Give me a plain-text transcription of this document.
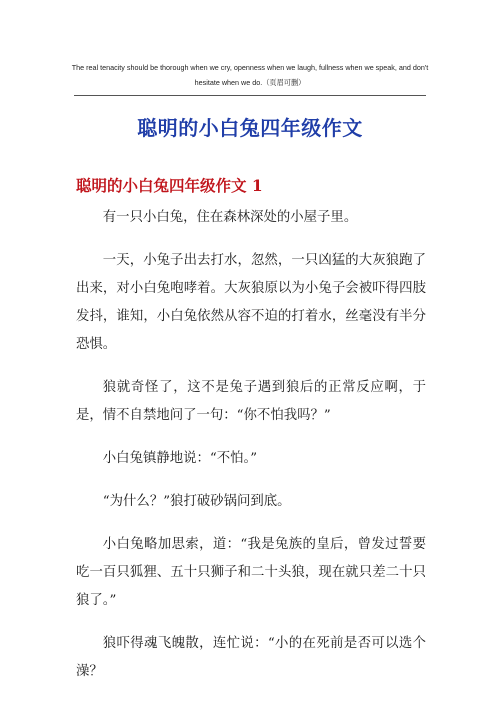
The real tenacity should be thorough when we cry, openness when we laugh, fullness when we speak, and don't
hesitate when we do.（页眉可删）
聪明的小白兔四年级作文
聪明的小白兔四年级作文 1

有一只小白兔，住在森林深处的小屋子里。

一天，小兔子出去打水，忽然，一只凶猛的大灰狼跑了出来，对小白兔咆哮着。大灰狼原以为小兔子会被吓得四肢发抖，谁知，小白兔依然从容不迫的打着水，丝毫没有半分恐惧。

狼就奇怪了，这不是兔子遇到狼后的正常反应啊，于是，情不自禁地问了一句：“你不怕我吗？”

小白兔镇静地说：“不怕。”

“为什么？”狼打破砂锅问到底。

小白兔略加思索，道：“我是兔族的皇后，曾发过誓要吃一百只狐狸、五十只狮子和二十头狼，现在就只差二十只狼了。”

狼吓得魂飞魄散，连忙说：“小的在死前是否可以选个澡？
